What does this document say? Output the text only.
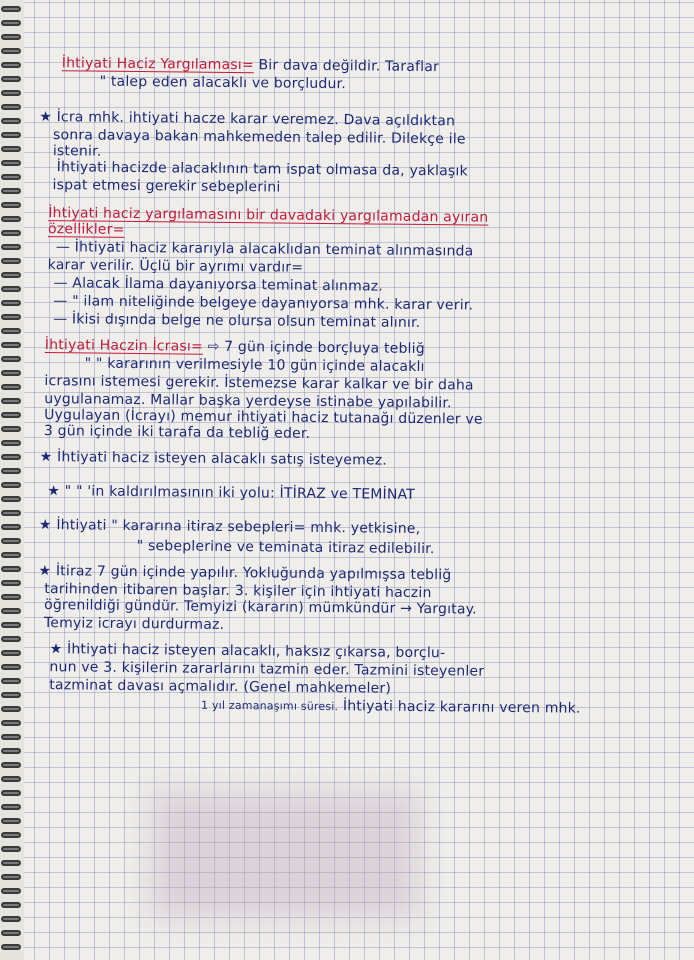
İhtiyati Haciz Yargılaması= Bir dava değildir. Taraflar
" talep eden alacaklı ve borçludur.
★ İcra mhk. ihtiyati hacze karar veremez. Dava açıldıktan
sonra davaya bakan mahkemeden talep edilir. Dilekçe ile
istenir.
İhtiyati hacizde alacaklının tam ispat olmasa da, yaklaşık
ispat etmesi gerekir sebeplerini
İhtiyati haciz yargılamasını bir davadaki yargılamadan ayıran
özellikler=
— İhtiyati haciz kararıyla alacaklıdan teminat alınmasında
karar verilir. Üçlü bir ayrımı vardır=
— Alacak İlama dayanıyorsa teminat alınmaz.
— " ilam niteliğinde belgeye dayanıyorsa mhk. karar verir.
— İkisi dışında belge ne olursa olsun teminat alınır.
İhtiyati Haczin İcrası= ⇨ 7 gün içinde borçluya tebliğ
" " kararının verilmesiyle 10 gün içinde alacaklı
icrasını istemesi gerekir. İstemezse karar kalkar ve bir daha
uygulanamaz. Mallar başka yerdeyse istinabe yapılabilir.
Uygulayan (İcrayı) memur ihtiyati haciz tutanağı düzenler ve
3 gün içinde iki tarafa da tebliğ eder.
★ İhtiyati haciz isteyen alacaklı satış isteyemez.
★ " " 'in kaldırılmasının iki yolu: İTİRAZ ve TEMİNAT
★ İhtiyati " kararına itiraz sebepleri= mhk. yetkisine,
" sebeplerine ve teminata itiraz edilebilir.
★ İtiraz 7 gün içinde yapılır. Yokluğunda yapılmışsa tebliğ
tarihinden itibaren başlar. 3. kişiler için ihtiyati haczin
öğrenildiği gündür. Temyizi (kararın) mümkündür → Yargıtay.
Temyiz icrayı durdurmaz.
★ İhtiyati haciz isteyen alacaklı, haksız çıkarsa, borçlu-
nun ve 3. kişilerin zararlarını tazmin eder. Tazmini isteyenler
tazminat davası açmalıdır. (Genel mahkemeler)
1 yıl zamanaşımı süresi. İhtiyati haciz kararını veren mhk.
